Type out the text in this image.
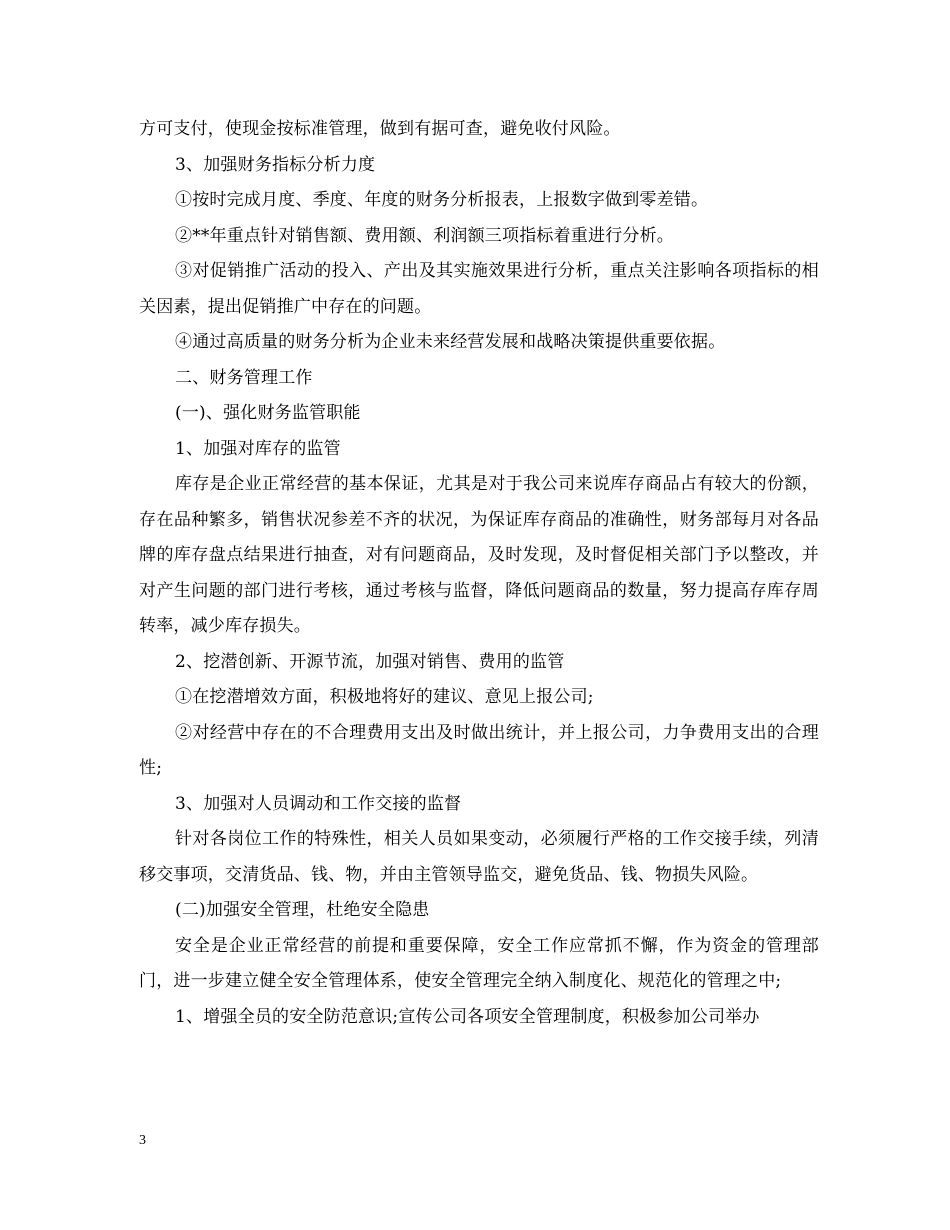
方可支付，使现金按标准管理，做到有据可查，避免收付风险。

3、加强财务指标分析力度

①按时完成月度、季度、年度的财务分析报表，上报数字做到零差错。

②**年重点针对销售额、费用额、利润额三项指标着重进行分析。

③对促销推广活动的投入、产出及其实施效果进行分析，重点关注影响各项指标的相关因素，提出促销推广中存在的问题。

④通过高质量的财务分析为企业未来经营发展和战略决策提供重要依据。

二、财务管理工作

(一)、强化财务监管职能

1、加强对库存的监管

库存是企业正常经营的基本保证，尤其是对于我公司来说库存商品占有较大的份额，存在品种繁多，销售状况参差不齐的状况，为保证库存商品的准确性，财务部每月对各品牌的库存盘点结果进行抽查，对有问题商品，及时发现，及时督促相关部门予以整改，并对产生问题的部门进行考核，通过考核与监督，降低问题商品的数量，努力提高存库存周转率，减少库存损失。

2、挖潜创新、开源节流，加强对销售、费用的监管

①在挖潜增效方面，积极地将好的建议、意见上报公司;

②对经营中存在的不合理费用支出及时做出统计，并上报公司，力争费用支出的合理性;

3、加强对人员调动和工作交接的监督

针对各岗位工作的特殊性，相关人员如果变动，必须履行严格的工作交接手续，列清移交事项，交清货品、钱、物，并由主管领导监交，避免货品、钱、物损失风险。

(二)加强安全管理，杜绝安全隐患

安全是企业正常经营的前提和重要保障，安全工作应常抓不懈，作为资金的管理部门，进一步建立健全安全管理体系，使安全管理完全纳入制度化、规范化的管理之中;

1、增强全员的安全防范意识;宣传公司各项安全管理制度，积极参加公司举办

3
